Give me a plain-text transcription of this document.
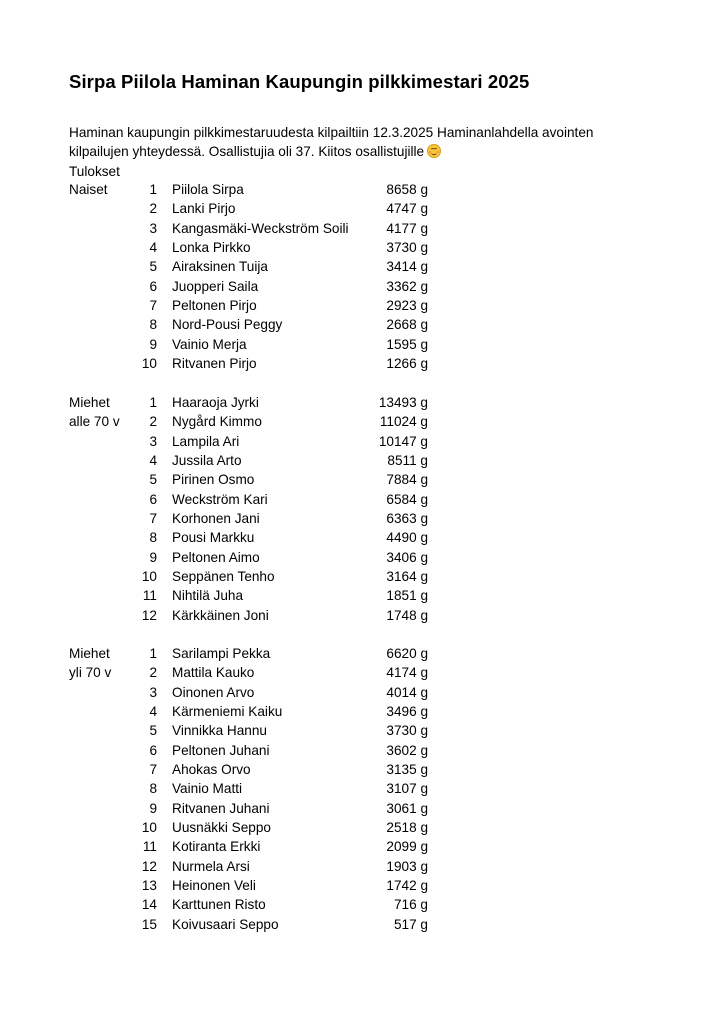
Sirpa Piilola Haminan Kaupungin pilkkimestari 2025

Haminan kaupungin pilkkimestaruudesta kilpailtiin 12.3.2025 Haminanlahdella avointen kilpailujen yhteydessä. Osallistujia oli 37. Kiitos osallistujille

Tulokset

Naiset	1 Piilola Sirpa	8658 g
2 Lanki Pirjo	4747 g
3 Kangasmäki-Weckström Soili	4177 g
4 Lonka Pirkko	3730 g
5 Airaksinen Tuija	3414 g
6 Juopperi Saila	3362 g
7 Peltonen Pirjo	2923 g
8 Nord-Pousi Peggy	2668 g
9 Vainio Merja	1595 g
10 Ritvanen Pirjo	1266 g
Miehet	1 Haaraoja Jyrki	13493 g
alle 70 v	2 Nygård Kimmo	11024 g
3 Lampila Ari	10147 g
4 Jussila Arto	8511 g
5 Pirinen Osmo	7884 g
6 Weckström Kari	6584 g
7 Korhonen Jani	6363 g
8 Pousi Markku	4490 g
9 Peltonen Aimo	3406 g
10 Seppänen Tenho	3164 g
11 Nihtilä Juha	1851 g
12 Kärkkäinen Joni	1748 g
Miehet	1 Sarilampi Pekka	6620 g
yli 70 v	2 Mattila Kauko	4174 g
3 Oinonen Arvo	4014 g
4 Kärmeniemi Kaiku	3496 g
5 Vinnikka Hannu	3730 g
6 Peltonen Juhani	3602 g
7 Ahokas Orvo	3135 g
8 Vainio Matti	3107 g
9 Ritvanen Juhani	3061 g
10 Uusnäkki Seppo	2518 g
11 Kotiranta Erkki	2099 g
12 Nurmela Arsi	1903 g
13 Heinonen Veli	1742 g
14 Karttunen Risto	716 g
15 Koivusaari Seppo	517 g
